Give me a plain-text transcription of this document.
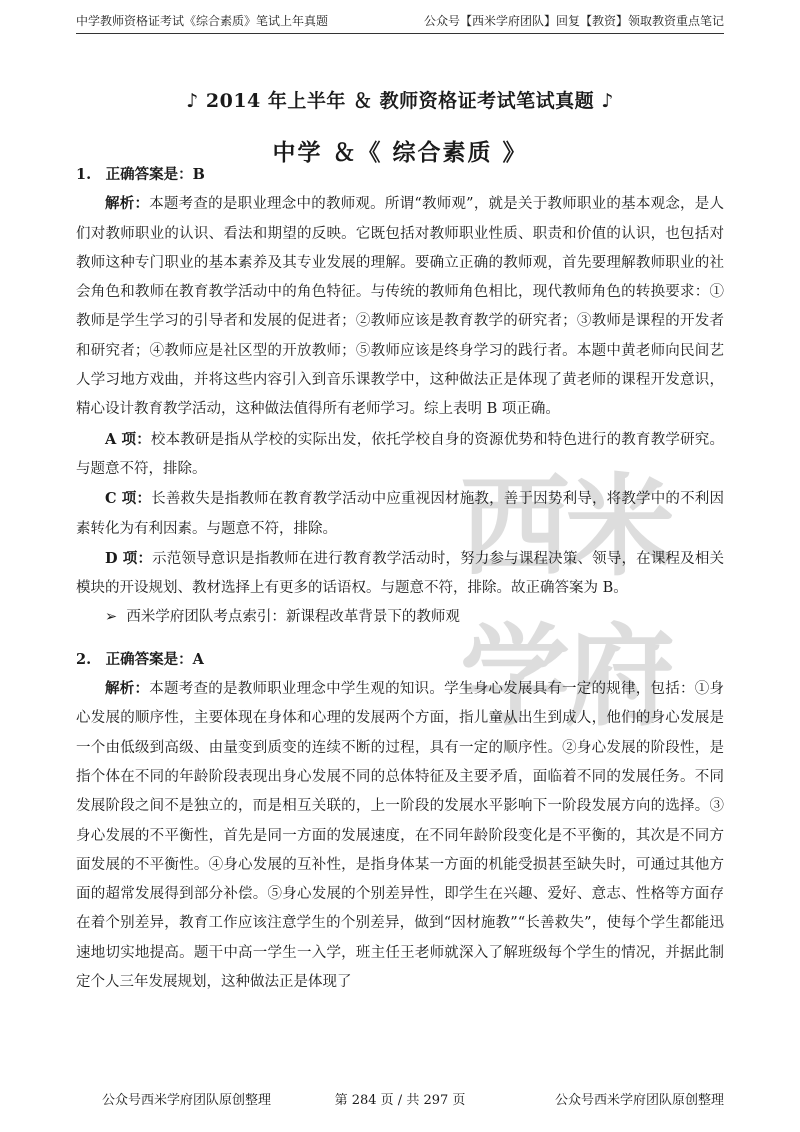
中学教师资格证考试《综合素质》笔试上年真题	公众号【西米学府团队】回复【教资】领取教资重点笔记
♪ 2014 年上半年 ＆ 教师资格证考试笔试真题 ♪
中学 ＆《 综合素质 》
西
米
学
府

1.　正确答案是：B

解析：本题考查的是职业理念中的教师观。所谓“教师观”，就是关于教师职业的基本观念，是人们对教师职业的认识、看法和期望的反映。它既包括对教师职业性质、职责和价值的认识，也包括对教师这种专门职业的基本素养及其专业发展的理解。要确立正确的教师观，首先要理解教师职业的社会角色和教师在教育教学活动中的角色特征。与传统的教师角色相比，现代教师角色的转换要求：①教师是学生学习的引导者和发展的促进者；②教师应该是教育教学的研究者；③教师是课程的开发者和研究者；④教师应是社区型的开放教师；⑤教师应该是终身学习的践行者。本题中黄老师向民间艺人学习地方戏曲，并将这些内容引入到音乐课教学中，这种做法正是体现了黄老师的课程开发意识，精心设计教育教学活动，这种做法值得所有老师学习。综上表明 B 项正确。

A 项：校本教研是指从学校的实际出发，依托学校自身的资源优势和特色进行的教育教学研究。与题意不符，排除。

C 项：长善救失是指教师在教育教学活动中应重视因材施教，善于因势利导，将教学中的不利因素转化为有利因素。与题意不符，排除。

D 项：示范领导意识是指教师在进行教育教学活动时，努力参与课程决策、领导，在课程及相关模块的开设规划、教材选择上有更多的话语权。与题意不符，排除。故正确答案为 B。

➢  西米学府团队考点索引：新课程改革背景下的教师观

2.　正确答案是：A

解析：本题考查的是教师职业理念中学生观的知识。学生身心发展具有一定的规律，包括：①身心发展的顺序性，主要体现在身体和心理的发展两个方面，指儿童从出生到成人，他们的身心发展是一个由低级到高级、由量变到质变的连续不断的过程，具有一定的顺序性。②身心发展的阶段性，是指个体在不同的年龄阶段表现出身心发展不同的总体特征及主要矛盾，面临着不同的发展任务。不同发展阶段之间不是独立的，而是相互关联的，上一阶段的发展水平影响下一阶段发展方向的选择。③身心发展的不平衡性，首先是同一方面的发展速度，在不同年龄阶段变化是不平衡的，其次是不同方面发展的不平衡性。④身心发展的互补性，是指身体某一方面的机能受损甚至缺失时，可通过其他方面的超常发展得到部分补偿。⑤身心发展的个别差异性，即学生在兴趣、爱好、意志、性格等方面存在着个别差异，教育工作应该注意学生的个别差异，做到“因材施教”“长善救失”，使每个学生都能迅速地切实地提高。题干中高一学生一入学，班主任王老师就深入了解班级每个学生的情况，并据此制定个人三年发展规划，这种做法正是体现了

公众号西米学府团队原创整理	第 284 页 / 共 297 页	公众号西米学府团队原创整理
